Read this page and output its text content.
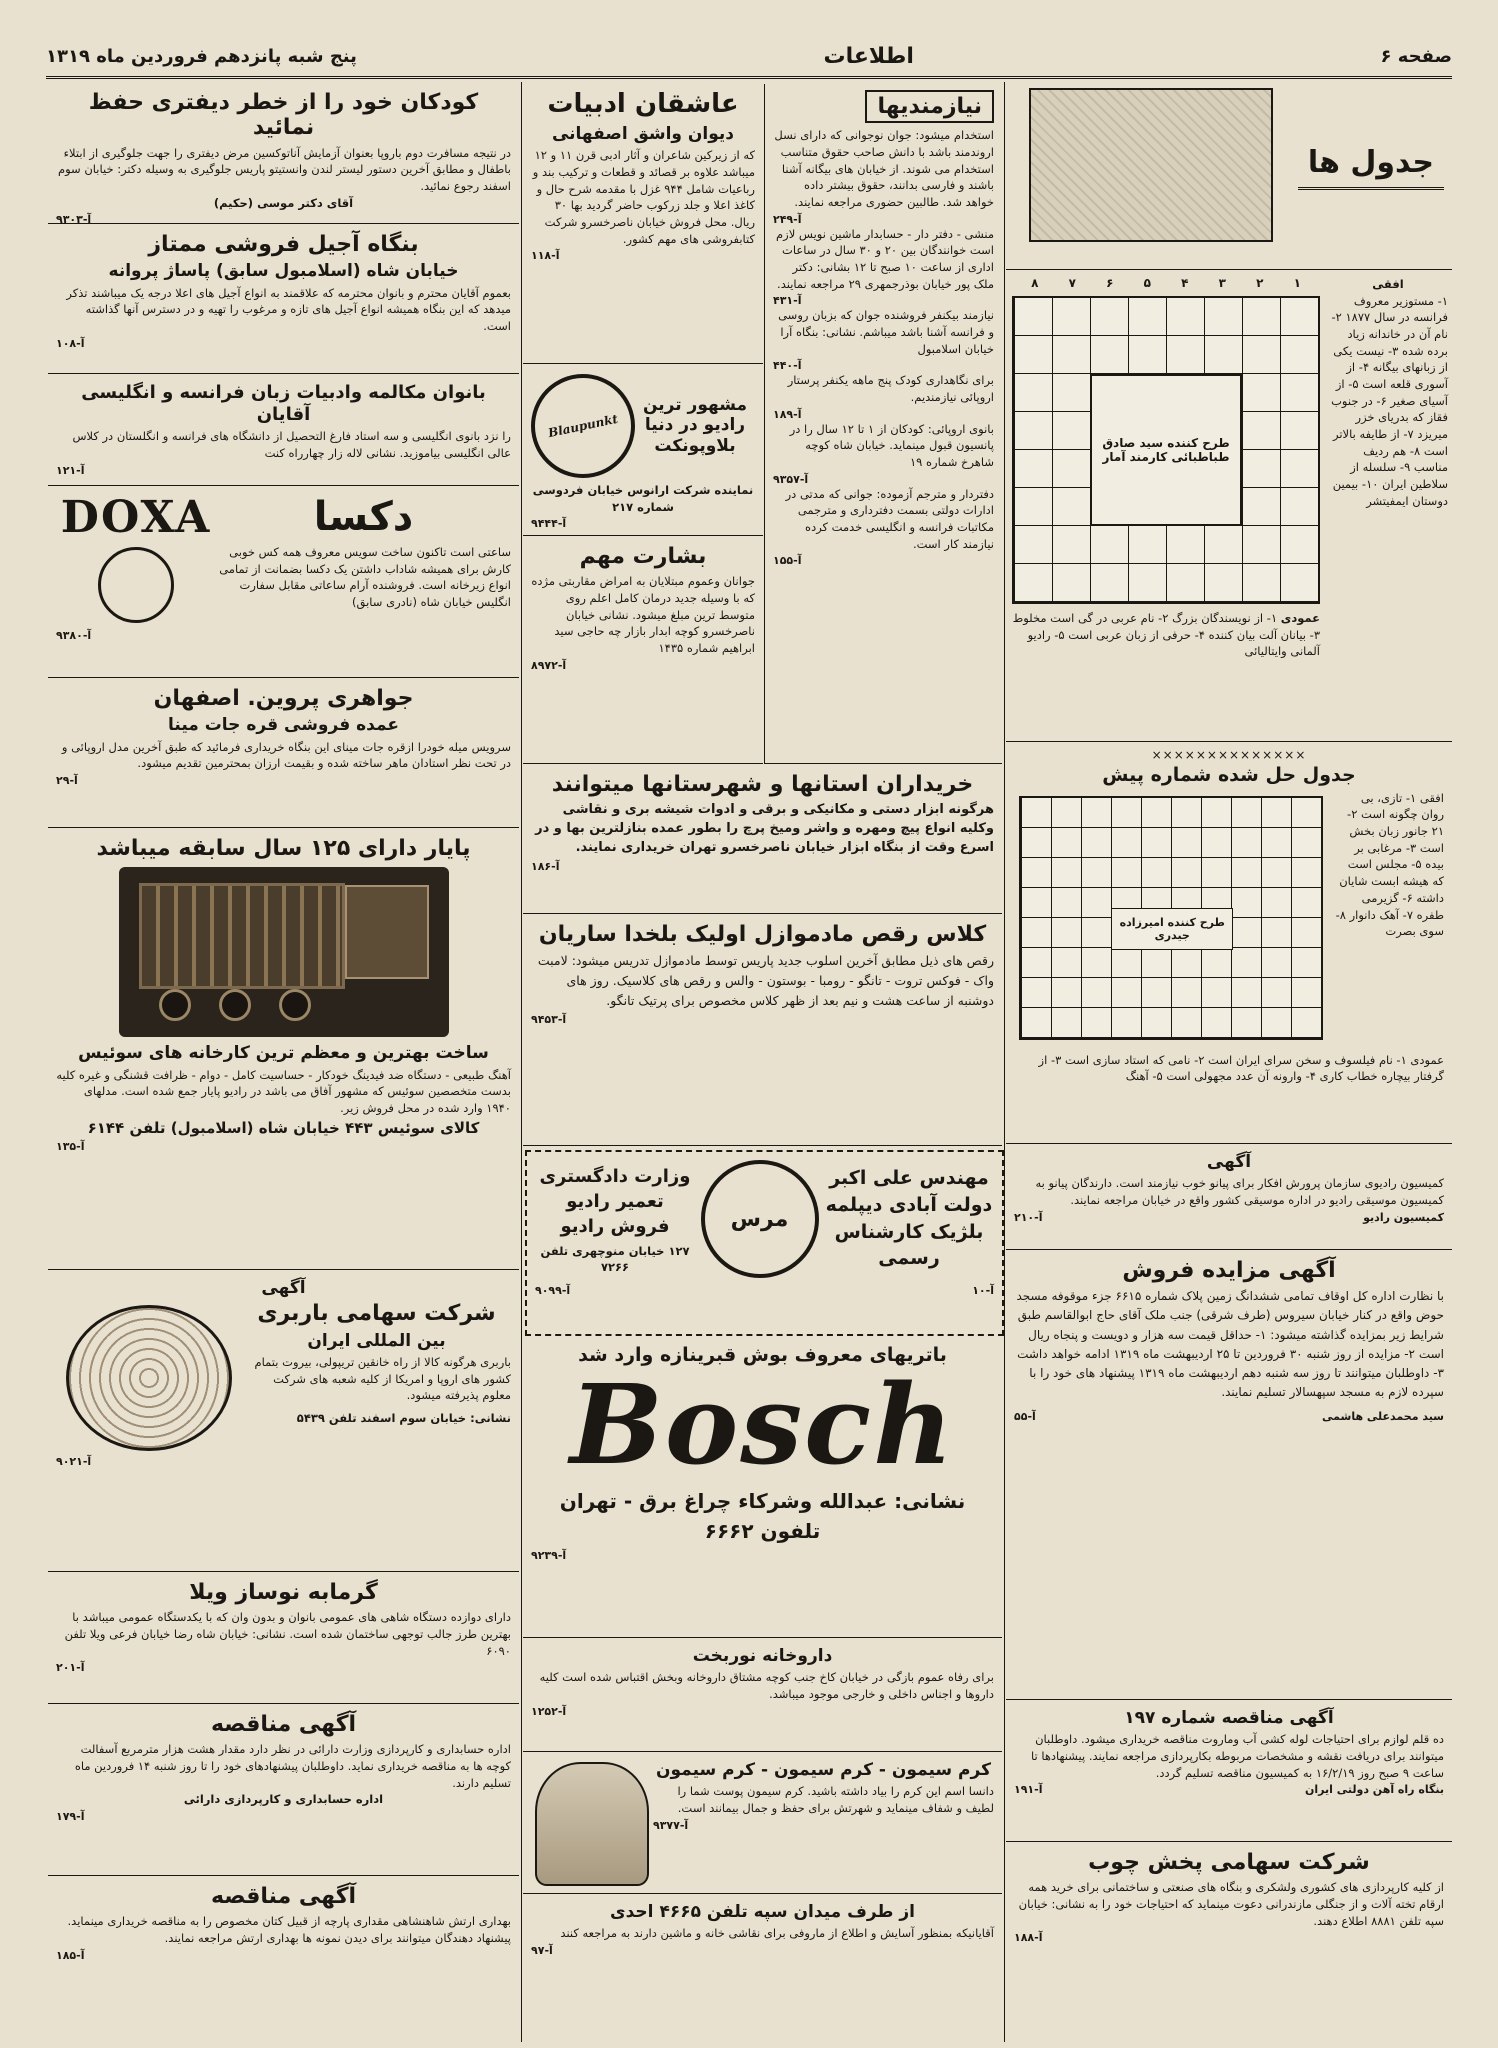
صفحه ۶
اطلاعات
پنج شبه پانزدهم فروردین ماه ۱۳۱۹
جدول ها
افقی
۱- مستوزیر معروف فرانسه در سال ۱۸۷۷ ۲- نام آن در خاندانه زیاد برده شده ۳- نیست یکی از زبانهای بیگانه ۴- از آسوری قلعه است ۵- از آسیای صغیر ۶- در جنوب فقاز که بدریای خزر میریزد ۷- از طایفه بالاتر است ۸- هم ردیف مناسب ۹- سلسله از سلاطین ایران ۱۰- بیمین دوستان ایمفیتشر
۱
۲
۳
۴
۵
۶
۷
۸
طرح کننده سید صادق طباطبائی کارمند آمار
عمودی ۱- از نویسندگان بزرگ ۲- نام عربی در گی است مخلوط ۳- بیانان آلت بیان کننده ۴- حرفی از زبان عربی است ۵- رادیو آلمانی وایتالیائی
××××××××××××××
جدول حل شده شماره پیش
افقی ۱- تازی، بی روان چگونه است ۲- ۲۱ جانور زبان بخش است ۳- مرغابی بر بیده ۵- مجلس است که هیشه ابست شایان داشته ۶- گزیرمی طفره ۷- آهک دانوار ۸- سوی بصرت
طرح کننده امیرزاده جیدری
عمودی ۱- نام فیلسوف و سخن سرای ایران است ۲- نامی که استاد سازی است ۳- از گرفتار بیچاره خطاب کاری ۴- وارونه آن عدد مجهولی است ۵- آهنگ
آگهی

کمیسیون رادیوی سازمان پرورش افکار برای پیانو خوب نیازمند است. دارندگان پیانو به کمیسیون موسیقی رادیو در اداره موسیقی کشور واقع در خیابان مراجعه نمایند.

کمیسیون رادیو
آ-۲۱۰
آگهی مزایده فروش

با نظارت اداره کل اوقاف تمامی ششدانگ زمین پلاک شماره ۶۶۱۵ جزء موقوفه مسجد حوض واقع در کنار خیابان سیروس (طرف شرقی) جنب ملک آقای حاج ابوالقاسم طبق شرایط زیر بمزایده گذاشته میشود: ۱- حداقل قیمت سه هزار و دویست و پنجاه ریال است ۲- مزایده از روز شنبه ۳۰ فروردین تا ۲۵ اردیبهشت ماه ۱۳۱۹ ادامه خواهد داشت ۳- داوطلبان میتوانند تا روز سه شنبه دهم اردیبهشت ماه ۱۳۱۹ پیشنهاد های خود را با سپرده لازم به مسجد سپهسالار تسلیم نمایند.

سید محمدعلی هاشمی
آ-۵۵
آگهی مناقصه شماره ۱۹۷

ده قلم لوازم برای احتیاجات لوله کشی آب وماروت مناقصه خریداری میشود. داوطلبان میتوانند برای دریافت نقشه و مشخصات مربوطه بکارپردازی مراجعه نمایند. پیشنهادها تا ساعت ۹ صبح روز ۱۶/۲/۱۹ به کمیسیون مناقصه تسلیم گردد.

بنگاه راه آهن دولتی ایران
آ-۱۹۱
شرکت سهامی پخش چوب

از کلیه کارپردازی های کشوری ولشکری و بنگاه های صنعتی و ساختمانی برای خرید همه ارقام تخته آلات و از جنگلی مازندرانی دعوت مینماید که احتیاجات خود را به نشانی: خیابان سپه تلفن ۸۸۸۱ اطلاع دهند.

آ-۱۸۸
نیازمندیها

استخدام میشود: جوان نوجوانی که دارای نسل اروندمند باشد با دانش صاحب حقوق متناسب استخدام می شوند. از خیابان های بیگانه آشنا باشند و فارسی بدانند، حقوق بیشتر داده خواهد شد. طالبین حضوری مراجعه نمایند.

آ-۲۴۹

منشی - دفتر دار - حسابدار ماشین نویس لازم است خوانندگان بین ۲۰ و ۳۰ سال در ساعات اداری از ساعت ۱۰ صبح تا ۱۲ بشانی: دکتر ملک پور خیابان بوذرجمهری ۲۹ مراجعه نمایند.

آ-۴۳۱

نیازمند بیکنفر فروشنده جوان که بزبان روسی و فرانسه آشنا باشد میباشم. نشانی: بنگاه آرا خیابان اسلامبول

آ-۴۴۰

برای نگاهداری کودک پنج ماهه یکنفر پرستار اروپائی نیازمندیم.

آ-۱۸۹

بانوی اروپائی: کودکان از ۱ تا ۱۲ سال را در پانسیون قبول مینماید. خیابان شاه کوچه شاهرخ شماره ۱۹

آ-۹۳۵۷

دفتردار و مترجم آزموده: جوانی که مدتی در ادارات دولتی بسمت دفترداری و مترجمی مکاتبات فرانسه و انگلیسی خدمت کرده نیازمند کار است.

آ-۱۵۵
عاشقان ادبیات
دیوان واشق اصفهانی

که از زیرکین شاعران و آثار ادبی قرن ۱۱ و ۱۲ میباشد علاوه بر قصائد و قطعات و ترکیب بند و رباعیات شامل ۹۴۴ غزل با مقدمه شرح حال و کاغذ اعلا و جلد زرکوب حاضر گردید بها ۳۰ ریال. محل فروش خیابان ناصرخسرو شرکت کتابفروشی های مهم کشور.

آ-۱۱۸
مشهور ترین رادیو در دنیا بلاوپونکت
Blaupunkt

نماینده شرکت ارانوس خیابان فردوسی شماره ۲۱۷

آ-۹۴۴۴
بشارت مهم

جوانان وعموم مبتلایان به امراض مقاربتی مژده که با وسیله جدید درمان کامل اعلم روی متوسط ترین مبلغ میشود. نشانی خیابان ناصرخسرو کوچه ابدار بازار چه حاجی سید ابراهیم شماره ۱۴۳۵

آ-۸۹۷۲
خریداران استانها و شهرستانها میتوانند

هرگونه ابزار دستی و مکانیکی و برقی و ادوات شیشه بری و نقاشی وکلیه انواع پیچ ومهره و واشر ومیخ پرچ را بطور عمده بنازلترین بها و در اسرع وقت از بنگاه ابزار خیابان ناصرخسرو تهران خریداری نمایند.

آ-۱۸۶
کلاس رقص مادموازل اولیک بلخدا ساریان

رقص های ذیل مطابق آخرین اسلوب جدید پاریس توسط مادموازل تدریس میشود: لامبت واک - فوکس تروت - تانگو - رومبا - بوستون - والس و رقص های کلاسیک. روز های دوشنبه از ساعت هشت و نیم بعد از ظهر کلاس مخصوص برای پرتیک تانگو.

آ-۹۴۵۳
مهندس علی اکبر دولت آبادی دیپلمه بلژیک کارشناس رسمی
مرس
وزارت دادگستری تعمیر رادیو فروش رادیو

۱۲۷ خیابان منوچهری تلفن ۷۲۶۶

آ-۱۰
آ-۹۰۹۹
باتریهای معروف بوش قبرینازه وارد شد
Bosch
نشانی: عبدالله وشرکاء چراغ برق - تهران تلفون ۶۶۶۲
آ-۹۲۳۹
داروخانه نوربخت

برای رفاه عموم بازگی در خیابان کاخ جنب کوچه مشتاق داروخانه وبخش اقتباس شده است کلیه داروها و اجناس داخلی و خارجی موجود میباشد.

آ-۱۲۵۲
کرم سیمون - کرم سیمون - کرم سیمون

دانسا اسم این کرم را بیاد داشته باشید. کرم سیمون پوست شما را لطیف و شفاف مینماید و شهرتش برای حفظ و جمال بیمانند است.

آ-۹۳۷۷
از طرف میدان سپه تلفن ۴۶۶۵ احدی

آقایانیکه بمنظور آسایش و اطلاع از ماروفی برای نقاشی خانه و ماشین دارند به مراجعه کنند

آ-۹۷
کودکان خود را از خطر دیفتری حفظ نمائید

در نتیجه مسافرت دوم باروپا بعنوان آزمایش آناتوکسین مرض دیفتری را جهت جلوگیری از ابتلاء باطفال و مطابق آخرین دستور لیستر لندن وانستیتو پاریس جلوگیری به وسیله دکتر: خیابان سوم اسفند رجوع نمائید.

آقای دکتر موسی (حکیم)

آ-۹۳۰۳
بنگاه آجیل فروشی ممتاز
خیابان شاه (اسلامبول سابق) پاساژ پروانه

بعموم آقایان محترم و بانوان محترمه که علاقمند به انواع آجیل های اعلا درجه یک میباشند تذکر میدهد که این بنگاه همیشه انواع آجیل های تازه و مرغوب را تهیه و در دسترس آنها گذاشته است.

آ-۱۰۸
بانوان مکالمه وادبیات زبان فرانسه و انگلیسی آقایان

را نزد بانوی انگلیسی و سه استاد فارغ التحصیل از دانشگاه های فرانسه و انگلستان در کلاس عالی انگلیسی بیاموزید. نشانی لاله زار چهارراه کنت

آ-۱۲۱
دکسا

ساعتی است تاکنون ساخت سویس معروف همه کس خوبی کارش برای همیشه شاداب داشتن یک دکسا بضمانت از تمامی انواع زیرخانه است. فروشنده آرام ساعاتی مقابل سفارت انگلیس خیابان شاه (نادری سابق)

DOXA
آ-۹۳۸۰
جواهری پروین. اصفهان
عمده فروشی قره جات مینا

سرویس میله خودرا ازقره جات مینای این بنگاه خریداری فرمائید که طبق آخرین مدل اروپائی و در تحت نظر استادان ماهر ساخته شده و بقیمت ارزان بمحترمین تقدیم میشود.

آ-۲۹
پایار دارای ۱۲۵ سال سابقه میباشد
ساخت بهترین و معظم ترین کارخانه های سوئیس

آهنگ طبیعی - دستگاه ضد فیدینگ خودکار - حساسیت کامل - دوام - ظرافت قشنگی و غیره کلیه بدست متخصصین سوئیس که مشهور آفاق می باشد در رادیو پایار جمع شده است. مدلهای ۱۹۴۰ وارد شده در محل فروش زیر.

کالای سوئیس ۴۴۳ خیابان شاه (اسلامبول) تلفن ۶۱۴۴
آ-۱۳۵
آگهی
شرکت سهامی باربری
بین المللی ایران

باربری هرگونه کالا از راه خانقین تریپولی، بیروت بتمام کشور های اروپا و امریکا از کلیه شعبه های شرکت معلوم پذیرفته میشود.

نشانی: خیابان سوم اسفند تلفن ۵۴۳۹

آ-۹۰۲۱
گرمابه نوساز ویلا

دارای دوازده دستگاه شاهی های عمومی بانوان و بدون وان که با یکدستگاه عمومی میباشد با بهترین طرز جالب توجهی ساختمان شده است. نشانی: خیابان شاه رضا خیابان فرعی ویلا تلفن ۶۰۹۰

آ-۲۰۱
آگهی مناقصه

اداره حسابداری و کارپردازی وزارت دارائی در نظر دارد مقدار هشت هزار مترمربع آسفالت کوچه ها به مناقصه خریداری نماید. داوطلبان پیشنهادهای خود را تا روز شنبه ۱۴ فروردین ماه تسلیم دارند.

اداره حسابداری و کارپردازی دارائی

آ-۱۷۹
آگهی مناقصه

بهداری ارتش شاهنشاهی مقداری پارچه از قبیل کتان مخصوص را به مناقصه خریداری مینماید. پیشنهاد دهندگان میتوانند برای دیدن نمونه ها بهداری ارتش مراجعه نمایند.

آ-۱۸۵
